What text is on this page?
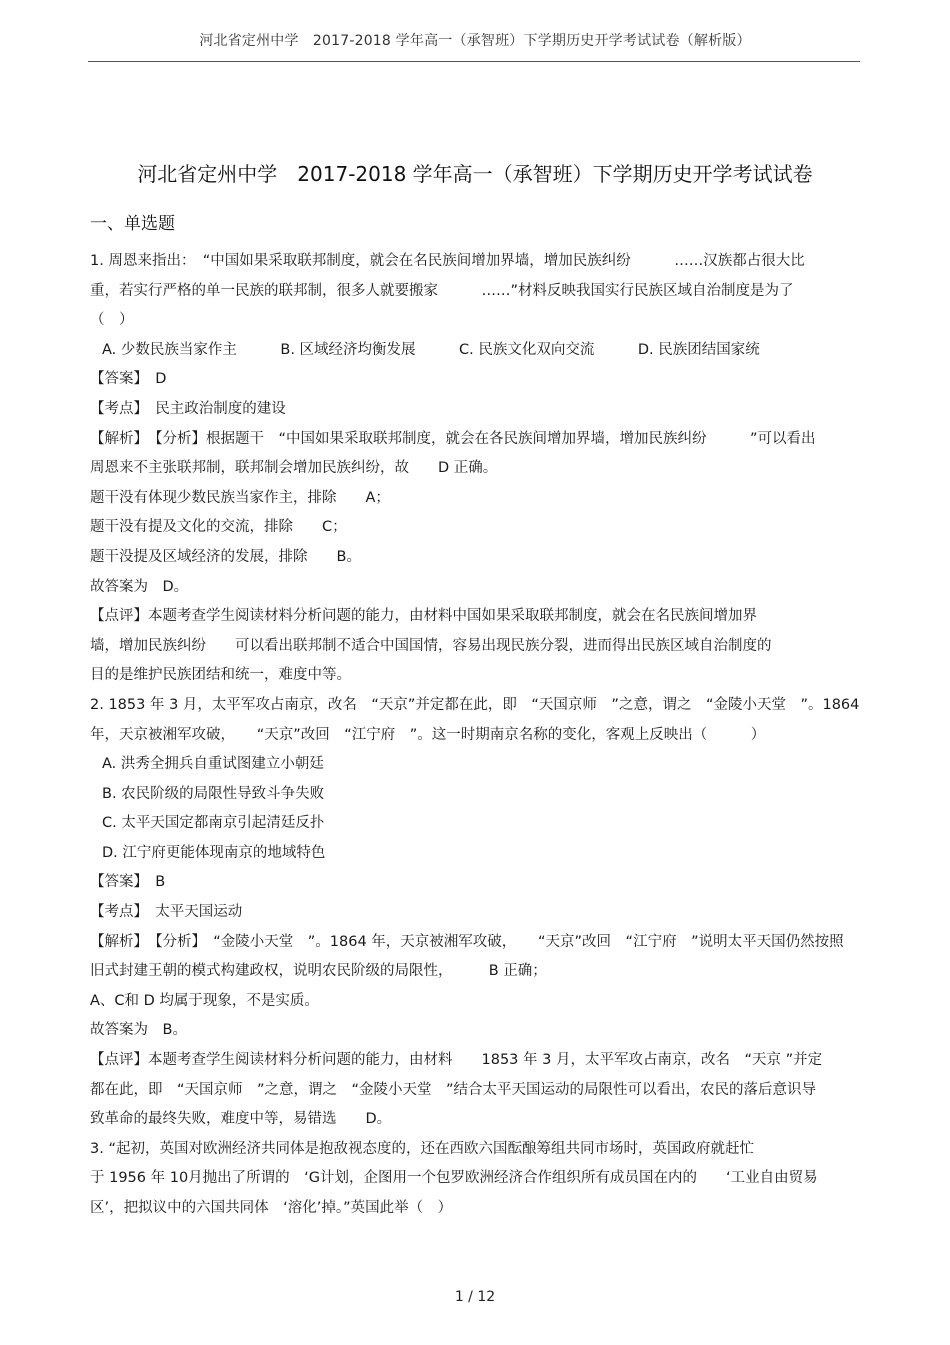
河北省定州中学　2017-2018 学年高一（承智班）下学期历史开学考试试卷（解析版）
河北省定州中学　2017-2018 学年高一（承智班）下学期历史开学考试试卷
一、单选题
1. 周恩来指出：　“中国如果采取联邦制度，就会在名民族间增加界墙，增加民族纠纷　　　……汉族都占很大比
重，若实行严格的单一民族的联邦制，很多人就要搬家　　　……”材料反映我国实行民族区域自治制度是为了
（　）
A. 少数民族当家作主　　　B. 区域经济均衡发展　　　C. 民族文化双向交流　　　D. 民族团结国家统
【答案】　D
【考点】　民主政治制度的建设
【解析】　【分析】根据题干　“中国如果采取联邦制度，就会在各民族间增加界墙，增加民族纠纷　　　”可以看出
周恩来不主张联邦制，联邦制会增加民族纠纷，故　　D 正确。
题干没有体现少数民族当家作主，排除　　A；
题干没有提及文化的交流，排除　　C；
题干没提及区域经济的发展，排除　　B。
故答案为　D。
【点评】本题考查学生阅读材料分析问题的能力，由材料中国如果采取联邦制度，就会在名民族间增加界
墙，增加民族纠纷　　可以看出联邦制不适合中国国情，容易出现民族分裂，进而得出民族区域自治制度的
目的是维护民族团结和统一，难度中等。
2. 1853 年 3 月，太平军攻占南京，改名　“天京”并定都在此，即　“天国京师　”之意，谓之　“金陵小天堂　”。1864
年，天京被湘军攻破，　　“天京”改回　“江宁府　”。这一时期南京名称的变化，客观上反映出（　　　）
A. 洪秀全拥兵自重试图建立小朝廷
B. 农民阶级的局限性导致斗争失败
C. 太平天国定都南京引起清廷反扑
D. 江宁府更能体现南京的地域特色
【答案】　B
【考点】　太平天国运动
【解析】　【分析】　“金陵小天堂　”。1864 年，天京被湘军攻破，　　“天京”改回　“江宁府　”说明太平天国仍然按照
旧式封建王朝的模式构建政权，说明农民阶级的局限性，　　　B 正确；
A、C和 D 均属于现象，不是实质。
故答案为　B。
【点评】本题考查学生阅读材料分析问题的能力，由材料　　1853 年 3 月，太平军攻占南京，改名　“天京 ”并定
都在此，即　“天国京师　”之意，谓之　“金陵小天堂　”结合太平天国运动的局限性可以看出，农民的落后意识导
致革命的最终失败，难度中等，易错选　　D。
3. “起初，英国对欧洲经济共同体是抱敌视态度的，还在西欧六国酝酿筹组共同市场时，英国政府就赶忙
于 1956 年 10月抛出了所谓的　‘G计划，企图用一个包罗欧洲经济合作组织所有成员国在内的　　‘工业自由贸易
区’，把拟议中的六国共同体　‘溶化’掉。”英国此举（　）
1 / 12
